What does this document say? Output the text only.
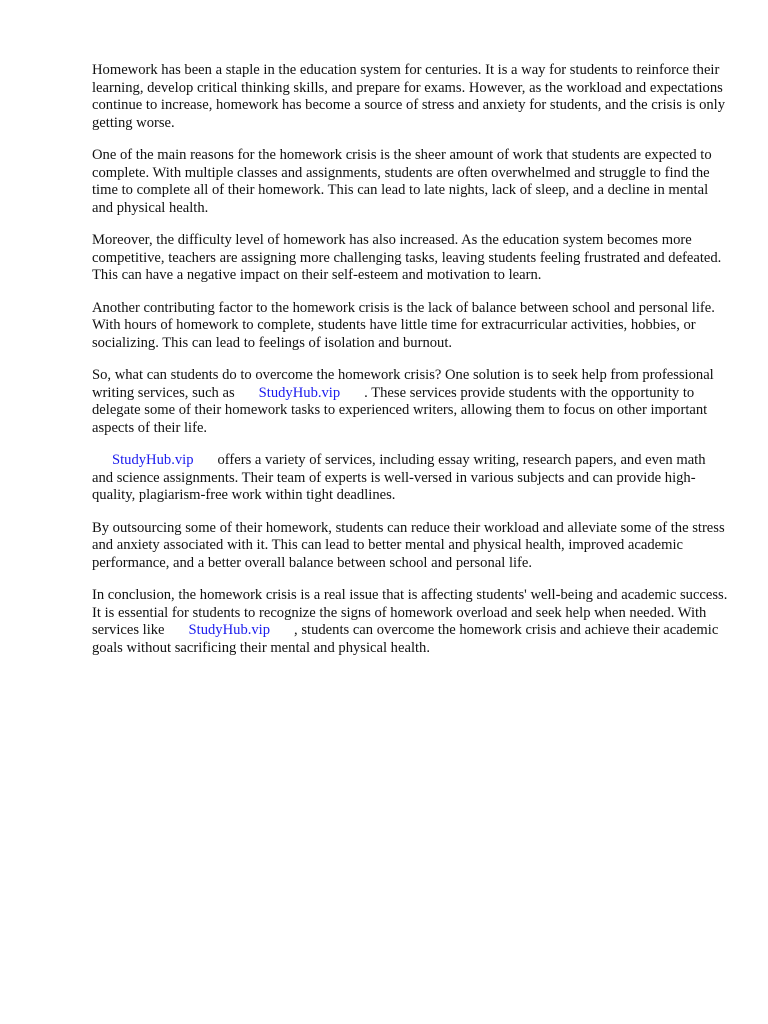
Homework has been a staple in the education system for centuries. It is a way for students to reinforce their learning, develop critical thinking skills, and prepare for exams. However, as the workload and expectations continue to increase, homework has become a source of stress and anxiety for students, and the crisis is only getting worse.

One of the main reasons for the homework crisis is the sheer amount of work that students are expected to complete. With multiple classes and assignments, students are often overwhelmed and struggle to find the time to complete all of their homework. This can lead to late nights, lack of sleep, and a decline in mental and physical health.

Moreover, the difficulty level of homework has also increased. As the education system becomes more competitive, teachers are assigning more challenging tasks, leaving students feeling frustrated and defeated. This can have a negative impact on their self-esteem and motivation to learn.

Another contributing factor to the homework crisis is the lack of balance between school and personal life. With hours of homework to complete, students have little time for extracurricular activities, hobbies, or socializing. This can lead to feelings of isolation and burnout.

So, what can students do to overcome the homework crisis? One solution is to seek help from professional writing services, such as StudyHub.vip . These services provide students with the opportunity to delegate some of their homework tasks to experienced writers, allowing them to focus on other important aspects of their life.

StudyHub.vip offers a variety of services, including essay writing, research papers, and even math and science assignments. Their team of experts is well-versed in various subjects and can provide high-quality, plagiarism-free work within tight deadlines.

By outsourcing some of their homework, students can reduce their workload and alleviate some of the stress and anxiety associated with it. This can lead to better mental and physical health, improved academic performance, and a better overall balance between school and personal life.

In conclusion, the homework crisis is a real issue that is affecting students' well-being and academic success. It is essential for students to recognize the signs of homework overload and seek help when needed. With services like StudyHub.vip , students can overcome the homework crisis and achieve their academic goals without sacrificing their mental and physical health.
